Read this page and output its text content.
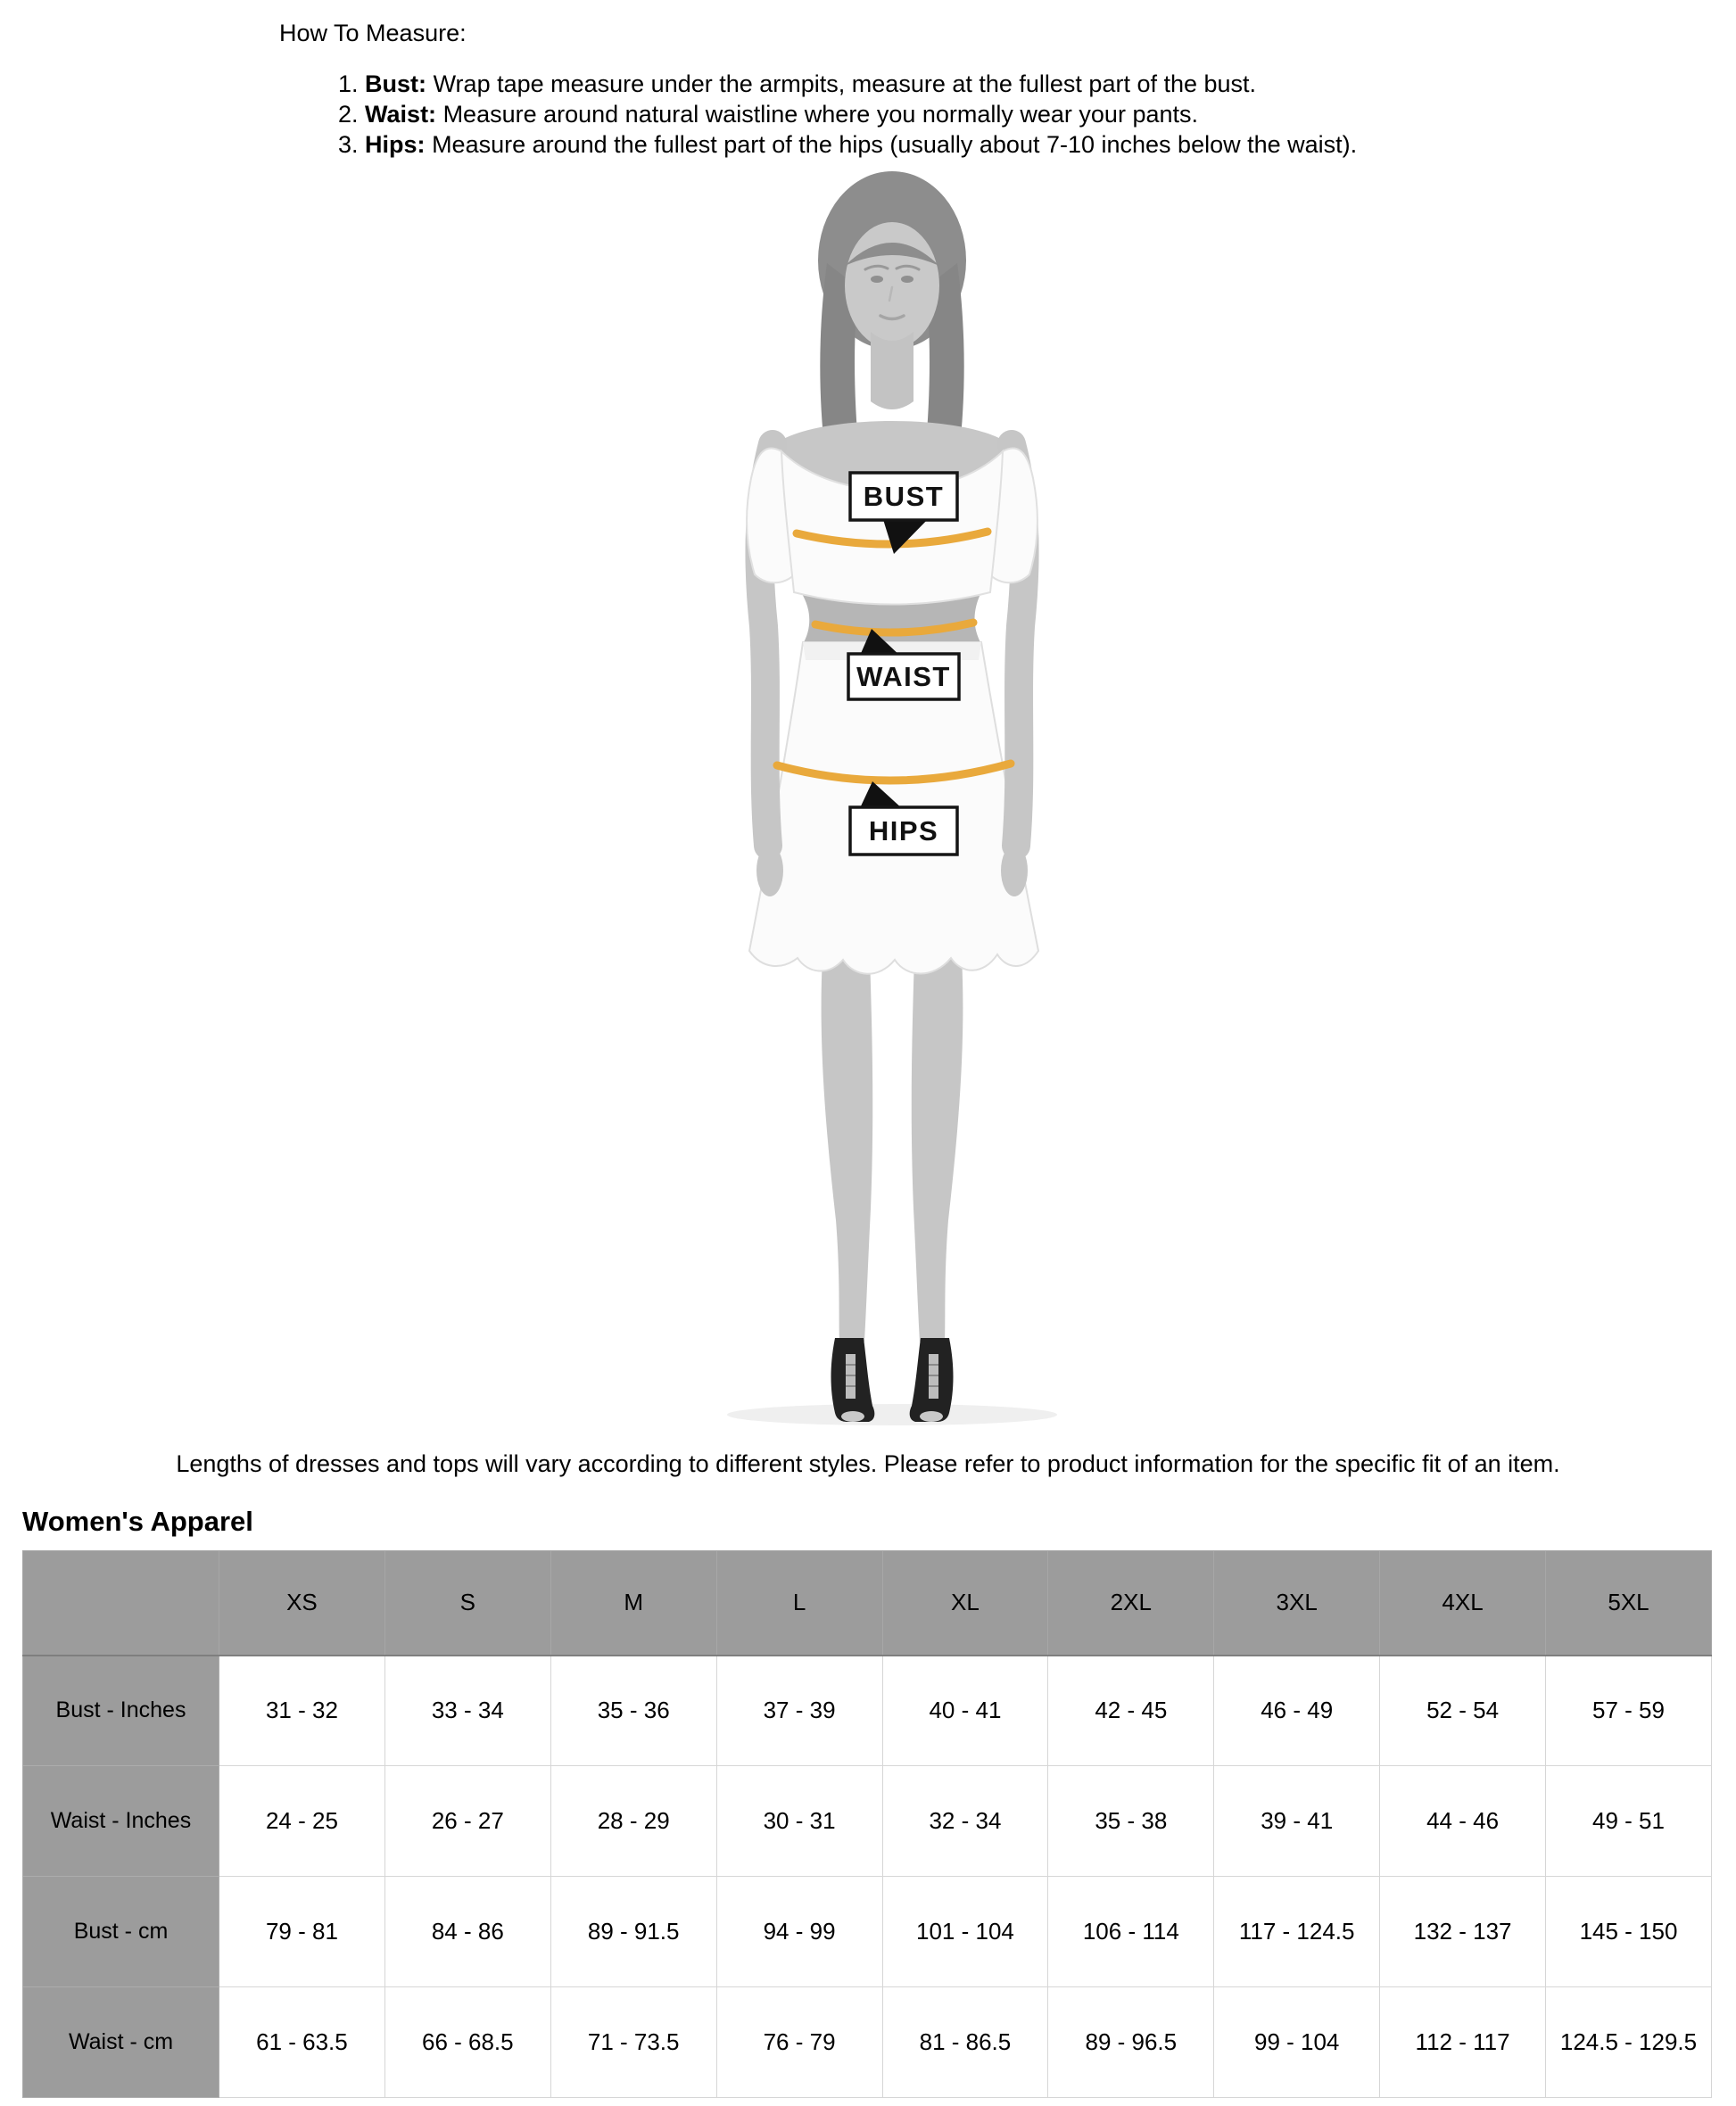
How To Measure:
1. Bust: Wrap tape measure under the armpits, measure at the fullest part of the bust.
2. Waist: Measure around natural waistline where you normally wear your pants.
3. Hips: Measure around the fullest part of the hips (usually about 7-10 inches below the waist).
BUST
WAIST
HIPS

Lengths of dresses and tops will vary according to different styles. Please refer to product information for the specific fit of an item.

Women's Apparel
	XS	S	M	L	XL	2XL	3XL	4XL	5XL
Bust - Inches	31 - 32	33 - 34	35 - 36	37 - 39	40 - 41	42 - 45	46 - 49	52 - 54	57 - 59
Waist - Inches	24 - 25	26 - 27	28 - 29	30 - 31	32 - 34	35 - 38	39 - 41	44 - 46	49 - 51
Bust - cm	79 - 81	84 - 86	89 - 91.5	94 - 99	101 - 104	106 - 114	117 - 124.5	132 - 137	145 - 150
Waist - cm	61 - 63.5	66 - 68.5	71 - 73.5	76 - 79	81 - 86.5	89 - 96.5	99 - 104	112 - 117	124.5 - 129.5
